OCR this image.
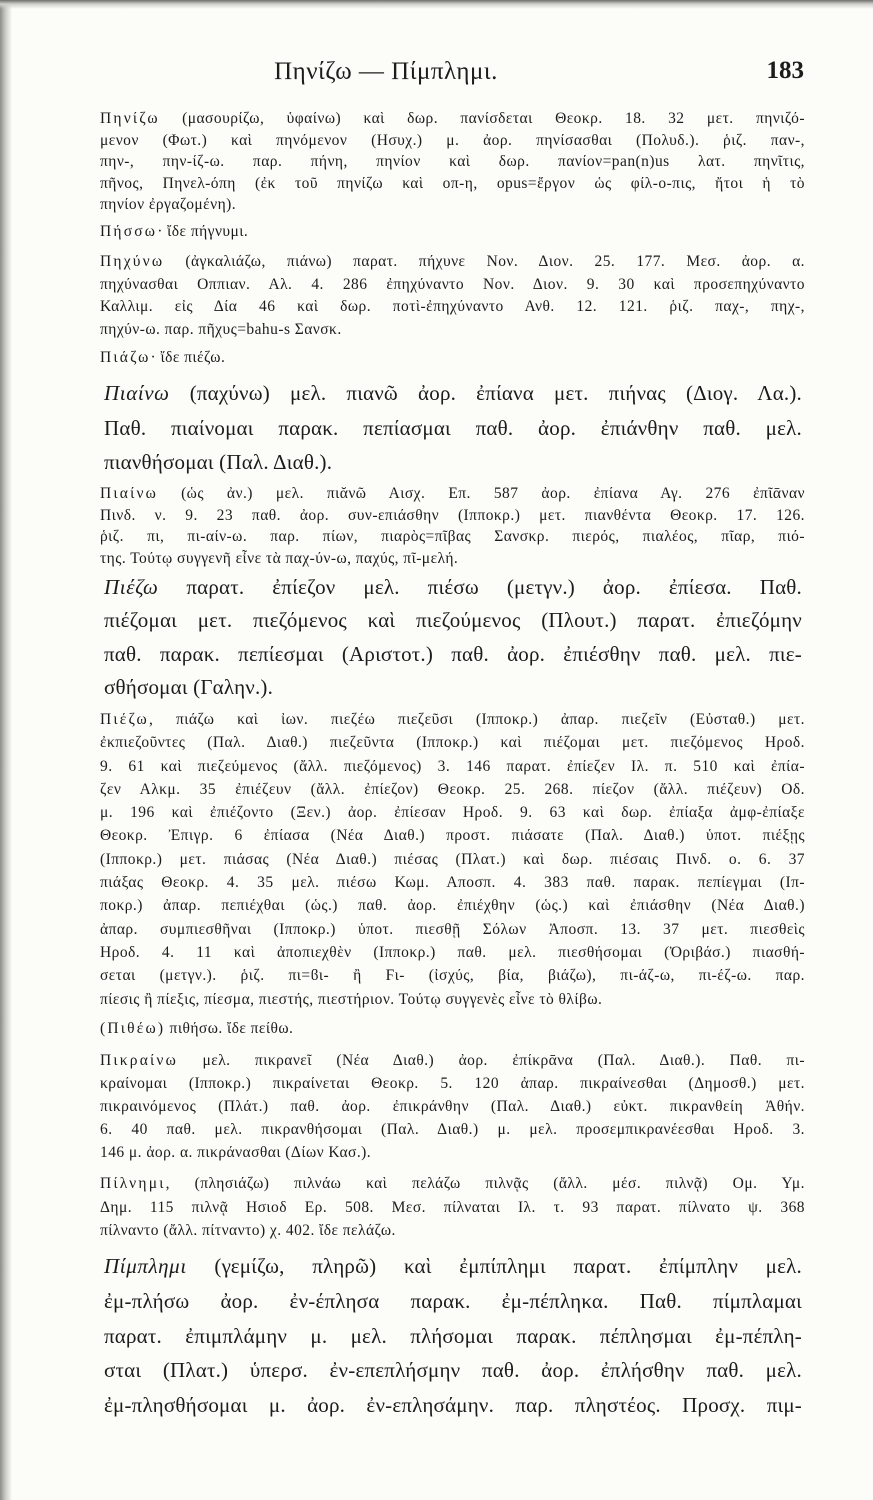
Πηνίζω — Πίμπλημι.	183
Πηνίζω (μασουρίζω, ὑφαίνω) καὶ δωρ. πανίσδεται Θεοκρ. 18. 32 μετ. πηνιζό-
μενον (Φωτ.) καὶ πηνόμενον (Ησυχ.) μ. ἀορ. πηνίσασθαι (Πολυδ.). ῥιζ. παν-,
πην-, πην-ίζ-ω. παρ. πήνη, πηνίον καὶ δωρ. πανίον=pan(n)us λατ. πηνῖτις,
πῆνος, Πηνελ-όπη (ἐκ τοῦ πηνίζω καὶ οπ-η, opus=ἔργον ὡς φίλ-ο-πις, ἤτοι ἡ τὸ
πηνίον ἐργαζομένη).
Πήσσω· ἴδε πήγνυμι.
Πηχύνω (ἀγκαλιάζω, πιάνω) παρατ. πήχυνε Νον. Διον. 25. 177. Μεσ. ἀορ. α.
πηχύνασθαι Οππιαν. Αλ. 4. 286 ἐπηχύναντο Νον. Διον. 9. 30 καὶ προσεπηχύναντο
Καλλιμ. εἰς Δία 46 καὶ δωρ. ποτὶ-ἐπηχύναντο Ανθ. 12. 121. ῥιζ. παχ-, πηχ-,
πηχύν-ω. παρ. πῆχυς=bahu-s Σανσκ.
Πιάζω· ἴδε πιέζω.
Πιαίνω (παχύνω) μελ. πιανῶ ἀορ. ἐπίανα μετ. πιήνας (Διογ. Λα.).
Παθ. πιαίνομαι παρακ. πεπίασμαι παθ. ἀορ. ἐπιάνθην παθ. μελ.
πιανθήσομαι (Παλ. Διαθ.).
Πιαίνω (ὡς ἀν.) μελ. πιᾰνῶ Αισχ. Επ. 587 ἀορ. ἐπίανα Αγ. 276 ἐπῖᾱναν
Πινδ. ν. 9. 23 παθ. ἀορ. συν-επιάσθην (Ιπποκρ.) μετ. πιανθέντα Θεοκρ. 17. 126.
ῥιζ. πι, πι-αίν-ω. παρ. πίων, πιαρὸς=πῖβας Σανσκρ. πιερός, πιαλέος, πῖαρ, πιό-
της. Τούτῳ συγγενῆ εἶνε τὰ παχ-ύν-ω, παχύς, πῖ-μελή.
Πιέζω παρατ. ἐπίεζον μελ. πιέσω (μετγν.) ἀορ. ἐπίεσα. Παθ.
πιέζομαι μετ. πιεζόμενος καὶ πιεζούμενος (Πλουτ.) παρατ. ἐπιεζόμην
παθ. παρακ. πεπίεσμαι (Αριστοτ.) παθ. ἀορ. ἐπιέσθην παθ. μελ. πιε-
σθήσομαι (Γαλην.).
Πιέζω, πιάζω καὶ ἰων. πιεζέω πιεζεῦσι (Ιπποκρ.) ἀπαρ. πιεζεῖν (Εὐσταθ.) μετ.
ἐκπιεζοῦντες (Παλ. Διαθ.) πιεζεῦντα (Ιπποκρ.) καὶ πιέζομαι μετ. πιεζόμενος Ηροδ.
9. 61 καὶ πιεζεύμενος (ἄλλ. πιεζόμενος) 3. 146 παρατ. ἐπίεζεν Ιλ. π. 510 καὶ ἐπία-
ζεν Αλκμ. 35 ἐπιέζευν (ἄλλ. ἐπίεζον) Θεοκρ. 25. 268. πίεζον (ἄλλ. πιέζευν) Οδ.
μ. 196 καὶ ἐπιέζοντο (Ξεν.) ἀορ. ἐπίεσαν Ηροδ. 9. 63 καὶ δωρ. ἐπίαξα ἀμφ-ἐπίαξε
Θεοκρ. Ἐπιγρ. 6 ἐπίασα (Νέα Διαθ.) προστ. πιάσατε (Παλ. Διαθ.) ὑποτ. πιέξῃς
(Ιπποκρ.) μετ. πιάσας (Νέα Διαθ.) πιέσας (Πλατ.) καὶ δωρ. πιέσαις Πινδ. ο. 6. 37
πιάξας Θεοκρ. 4. 35 μελ. πιέσω Κωμ. Αποσπ. 4. 383 παθ. παρακ. πεπίεγμαι (Ιπ-
ποκρ.) ἀπαρ. πεπιέχθαι (ὡς.) παθ. ἀορ. ἐπιέχθην (ὡς.) καὶ ἐπιάσθην (Νέα Διαθ.)
ἀπαρ. συμπιεσθῆναι (Ιπποκρ.) ὑποτ. πιεσθῇ Σόλων Ἀποσπ. 13. 37 μετ. πιεσθεὶς
Ηροδ. 4. 11 καὶ ἀποπιεχθὲν (Ιπποκρ.) παθ. μελ. πιεσθήσομαι (Ὀριβάσ.) πιασθή-
σεται (μετγν.). ῥιζ. πι=ϐι- ἢ Ϝι- (ἰσχύς, βία, βιάζω), πι-άζ-ω, πι-έζ-ω. παρ.
πίεσις ἢ πίεξις, πίεσμα, πιεστής, πιεστήριον. Τούτῳ συγγενὲς εἶνε τὸ θλίβω.
(Πιθέω) πιθήσω. ἴδε πείθω.
Πικραίνω μελ. πικρανεῖ (Νέα Διαθ.) ἀορ. ἐπίκρᾱνα (Παλ. Διαθ.). Παθ. πι-
κραίνομαι (Ιπποκρ.) πικραίνεται Θεοκρ. 5. 120 ἀπαρ. πικραίνεσθαι (Δημοσθ.) μετ.
πικραινόμενος (Πλάτ.) παθ. ἀορ. ἐπικράνθην (Παλ. Διαθ.) εὐκτ. πικρανθείη Ἀθήν.
6. 40 παθ. μελ. πικρανθήσομαι (Παλ. Διαθ.) μ. μελ. προσεμπικρανέεσθαι Ηροδ. 3.
146 μ. ἀορ. α. πικράνασθαι (Δίων Κασ.).
Πίλνημι, (πλησιάζω) πιλνάω καὶ πελάζω πιλνᾷς (ἄλλ. μέσ. πιλνᾷ) Ομ. Υμ.
Δημ. 115 πιλνᾷ Ησιοδ Ερ. 508. Μεσ. πίλναται Ιλ. τ. 93 παρατ. πίλνατο ψ. 368
πίλναντο (ἄλλ. πίτναντο) χ. 402. ἴδε πελάζω.
Πίμπλημι (γεμίζω, πληρῶ) καὶ ἐμπίπλημι παρατ. ἐπίμπλην μελ.
ἐμ-πλήσω ἀορ. ἐν-έπλησα παρακ. ἐμ-πέπληκα. Παθ. πίμπλαμαι
παρατ. ἐπιμπλάμην μ. μελ. πλήσομαι παρακ. πέπλησμαι ἐμ-πέπλη-
σται (Πλατ.) ὑπερσ. ἐν-επεπλήσμην παθ. ἀορ. ἐπλήσθην παθ. μελ.
ἐμ-πλησθήσομαι μ. ἀορ. ἐν-επλησάμην. παρ. πληστέος. Προσχ. πιμ-
